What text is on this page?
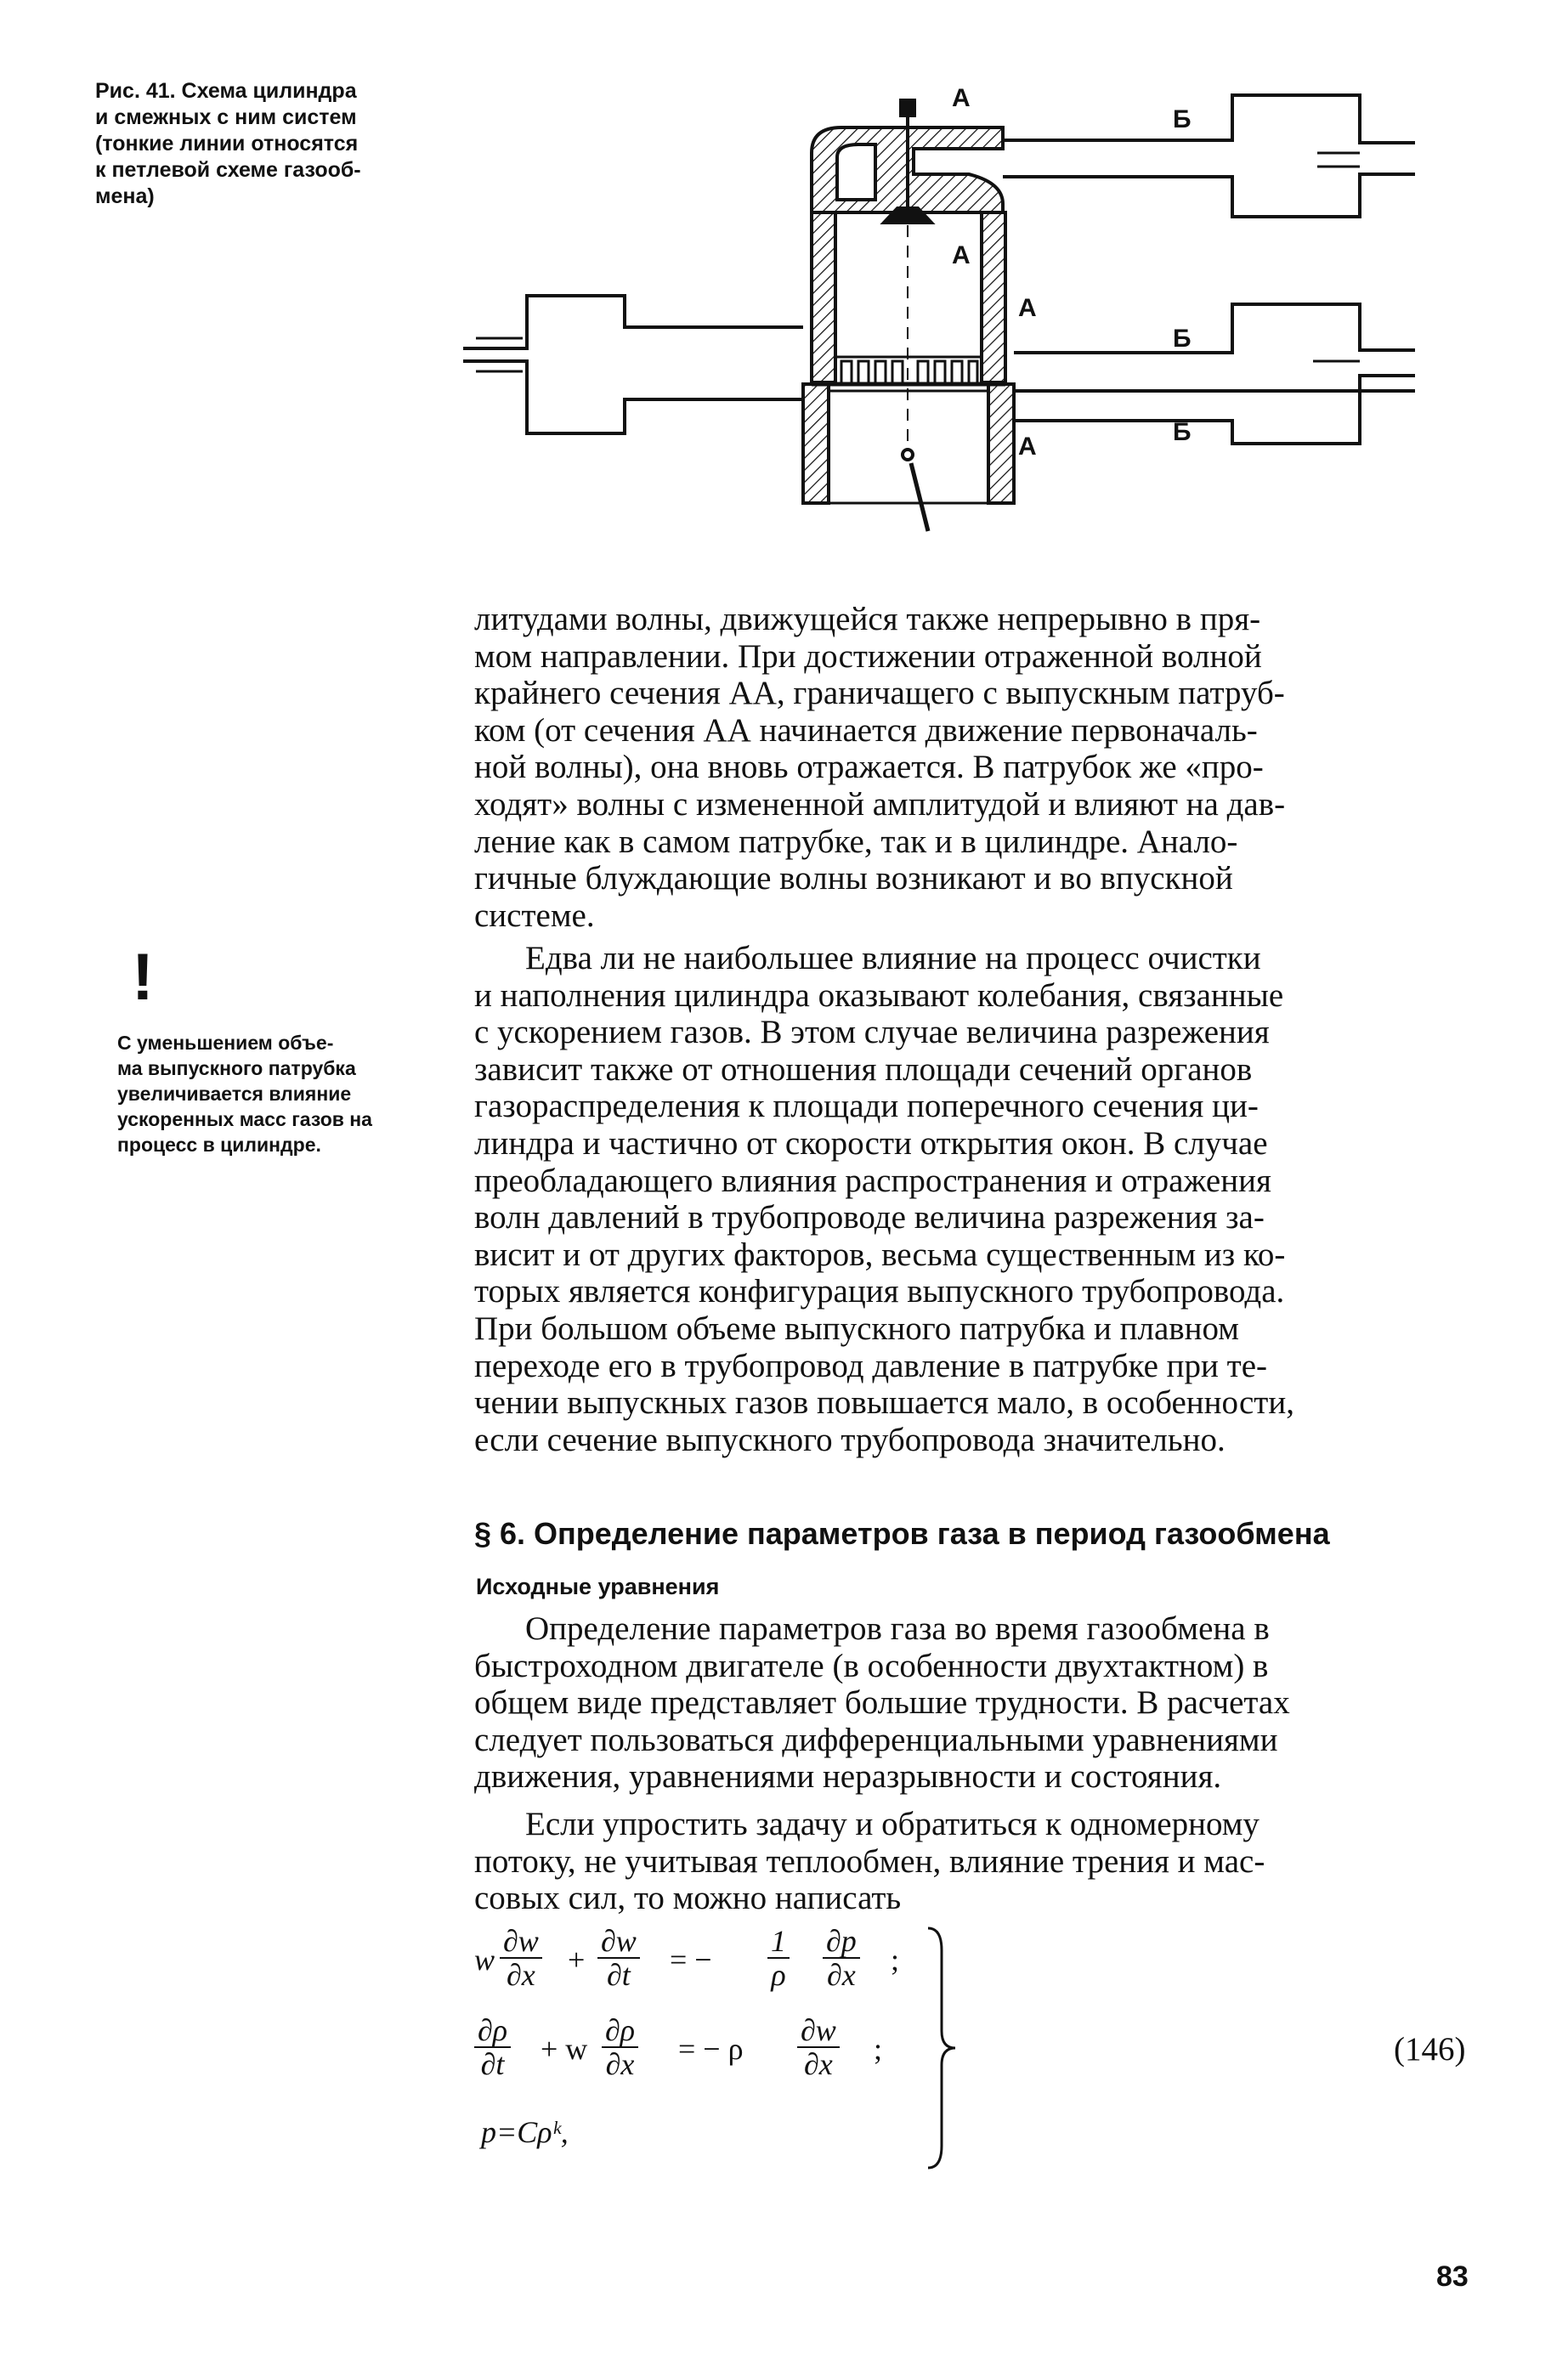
Рис. 41. Схема цилиндра
и смежных с ним систем
(тонкие линии относятся
к петлевой схеме газооб-
мена)
А
А
А
А
Б
Б
Б
!
С уменьшением объе-
ма выпускного патрубка
увеличивается влияние
ускоренных масс газов на
процесс в цилиндре.
литудами волны, движущейся также непрерывно в пря-
мом направлении. При достижении отраженной волной
крайнего сечения АА, граничащего с выпускным патруб-
ком (от сечения АА начинается движение первоначаль-
ной волны), она вновь отражается. В патрубок же «про-
ходят» волны с измененной амплитудой и влияют на дав-
ление как в самом патрубке, так и в цилиндре. Анало-
гичные блуждающие волны возникают и во впускной
системе.
Едва ли не наибольшее влияние на процесс очистки
и наполнения цилиндра оказывают колебания, связанные
с ускорением газов. В этом случае величина разрежения
зависит также от отношения площади сечений органов
газораспределения к площади поперечного сечения ци-
линдра и частично от скорости открытия окон. В случае
преобладающего влияния распространения и отражения
волн давлений в трубопроводе величина разрежения за-
висит и от других факторов, весьма существенным из ко-
торых является конфигурация выпускного трубопровода.
При большом объеме выпускного патрубка и плавном
переходе его в трубопровод давление в патрубке при те-
чении выпускных газов повышается мало, в особенности,
если сечение выпускного трубопровода значительно.
§ 6. Определение параметров газа в период газообмена
Исходные уравнения
Определение параметров газа во время газообмена в
быстроходном двигателе (в особенности двухтактном) в
общем виде представляет большие трудности. В расчетах
следует пользоваться дифференциальными уравнениями
движения, уравнениями неразрывности и состояния.
Если упростить задачу и обратиться к одномерному
потоку, не учитывая теплообмен, влияние трения и мас-
совых сил, то можно написать
w $\frac{\partial w}{\partial x} + \frac{\partial w}{\partial t}$ = − $\frac{1}{\rho} \frac{\partial p}{\partial x}$ ;
$\frac{\partial\rho}{\partial t} + w \frac{\partial\rho}{\partial x}$ = − ρ $\frac{\partial w}{\partial x}$ ;
p=Cρᵏ,
(146)
83
